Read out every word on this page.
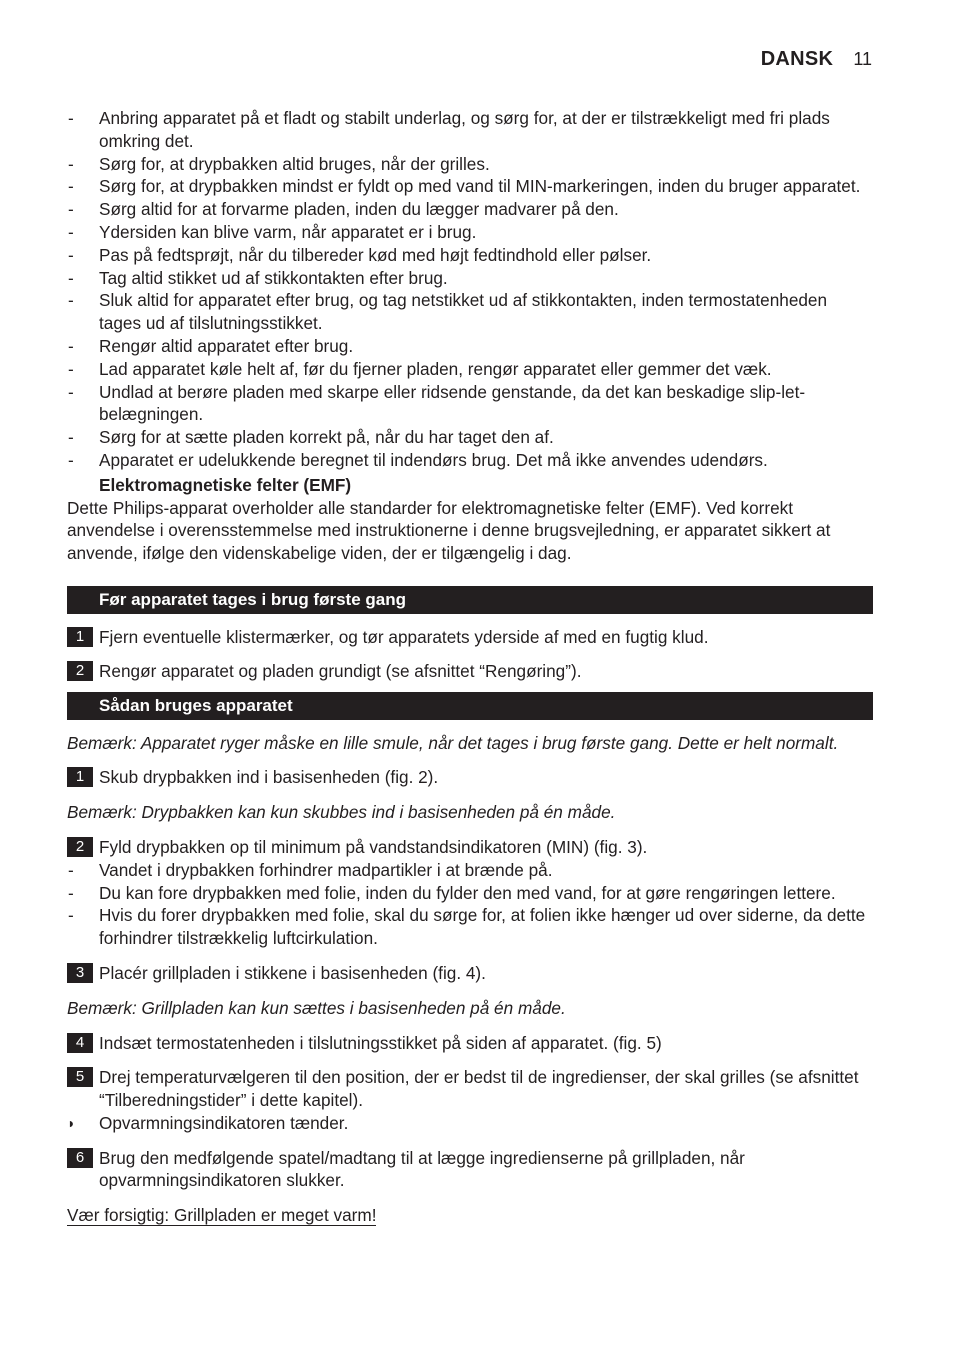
DANSK 11
-	Anbring apparatet på et fladt og stabilt underlag, og sørg for, at der er tilstrækkeligt med fri plads omkring det.
-	Sørg for, at drypbakken altid bruges, når der grilles.
-	Sørg for, at drypbakken mindst er fyldt op med vand til MIN-markeringen, inden du bruger apparatet.
-	Sørg altid for at forvarme pladen, inden du lægger madvarer på den.
-	Ydersiden kan blive varm, når apparatet er i brug.
-	Pas på fedtsprøjt, når du tilbereder kød med højt fedtindhold eller pølser.
-	Tag altid stikket ud af stikkontakten efter brug.
-	Sluk altid for apparatet efter brug, og tag netstikket ud af stikkontakten, inden termostatenheden tages ud af tilslutningsstikket.
-	Rengør altid apparatet efter brug.
-	Lad apparatet køle helt af, før du fjerner pladen, rengør apparatet eller gemmer det væk.
-	Undlad at berøre pladen med skarpe eller ridsende genstande, da det kan beskadige slip-let-belægningen.
-	Sørg for at sætte pladen korrekt på, når du har taget den af.
-	Apparatet er udelukkende beregnet til indendørs brug. Det må ikke anvendes udendørs.
Elektromagnetiske felter (EMF)
Dette Philips-apparat overholder alle standarder for elektromagnetiske felter (EMF). Ved korrekt anvendelse i overensstemmelse med instruktionerne i denne brugsvejledning, er apparatet sikkert at anvende, ifølge den videnskabelige viden, der er tilgængelig i dag.
Før apparatet tages i brug første gang
1 Fjern eventuelle klistermærker, og tør apparatets yderside af med en fugtig klud.
2 Rengør apparatet og pladen grundigt (se afsnittet “Rengøring”).
Sådan bruges apparatet
Bemærk: Apparatet ryger måske en lille smule, når det tages i brug første gang. Dette er helt normalt.
1 Skub drypbakken ind i basisenheden (fig. 2).
Bemærk: Drypbakken kan kun skubbes ind i basisenheden på én måde.
2 Fyld drypbakken op til minimum på vandstandsindikatoren (MIN) (fig. 3).
-	Vandet i drypbakken forhindrer madpartikler i at brænde på.
-	Du kan fore drypbakken med folie, inden du fylder den med vand, for at gøre rengøringen lettere.
-	Hvis du forer drypbakken med folie, skal du sørge for, at folien ikke hænger ud over siderne, da dette forhindrer tilstrækkelig luftcirkulation.
3 Placér grillpladen i stikkene i basisenheden (fig. 4).
Bemærk: Grillpladen kan kun sættes i basisenheden på én måde.
4 Indsæt termostatenheden i tilslutningsstikket på siden af apparatet. (fig. 5)
5 Drej temperaturvælgeren til den position, der er bedst til de ingredienser, der skal grilles (se afsnittet “Tilberedningstider” i dette kapitel).
◗	Opvarmningsindikatoren tænder.
6 Brug den medfølgende spatel/madtang til at lægge ingredienserne på grillpladen, når opvarmningsindikatoren slukker.
Vær forsigtig: Grillpladen er meget varm!
